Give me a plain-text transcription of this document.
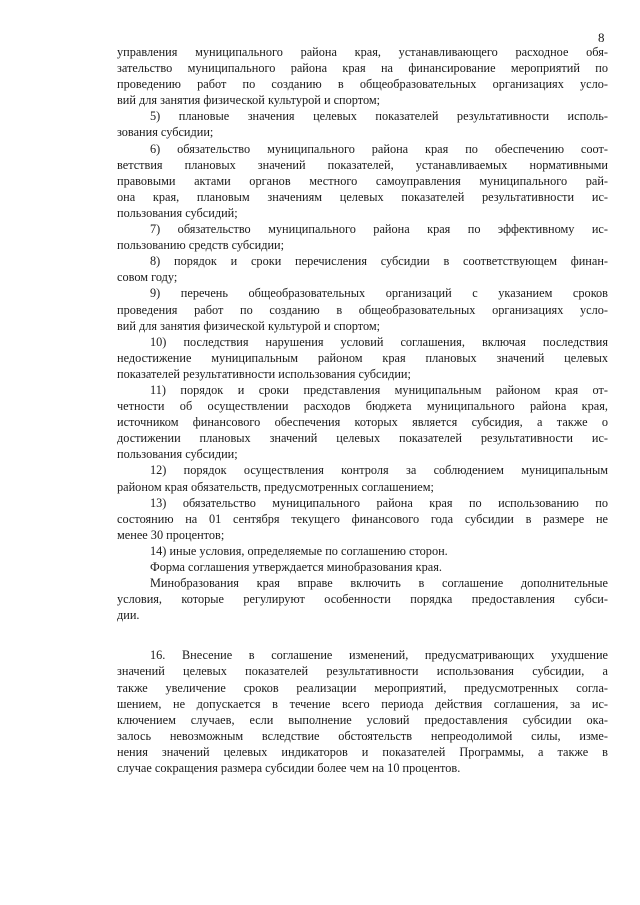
8
управления муниципального района края, устанавливающего расходное обя-
зательство муниципального района края на финансирование мероприятий по
проведению работ по созданию в общеобразовательных организациях усло-
вий для занятия физической культурой и спортом;
5) плановые значения целевых показателей результативности исполь-
зования субсидии;
6) обязательство муниципального района края по обеспечению соот-
ветствия плановых значений показателей, устанавливаемых нормативными
правовыми актами органов местного самоуправления муниципального рай-
она края, плановым значениям целевых показателей результативности ис-
пользования субсидий;
7) обязательство муниципального района края по эффективному ис-
пользованию средств субсидии;
8) порядок и сроки перечисления субсидии в соответствующем финан-
совом году;
9) перечень общеобразовательных организаций с указанием сроков
проведения работ по созданию в общеобразовательных организациях усло-
вий для занятия физической культурой и спортом;
10) последствия нарушения условий соглашения, включая последствия
недостижение муниципальным районом края плановых значений целевых
показателей результативности использования субсидии;
11) порядок и сроки представления муниципальным районом края от-
четности об осуществлении расходов бюджета муниципального района края,
источником финансового обеспечения которых является субсидия, а также о
достижении плановых значений целевых показателей результативности ис-
пользования субсидии;
12) порядок осуществления контроля за соблюдением муниципальным
районом края обязательств, предусмотренных соглашением;
13) обязательство муниципального района края по использованию по
состоянию на 01 сентября текущего финансового года субсидии в размере не
менее 30 процентов;
14) иные условия, определяемые по соглашению сторон.
Форма соглашения утверждается минобразования края.
Минобразования края вправе включить в соглашение дополнительные
условия, которые регулируют особенности порядка предоставления субси-
дии.
16. Внесение в соглашение изменений, предусматривающих ухудшение
значений целевых показателей результативности использования субсидии, а
также увеличение сроков реализации мероприятий, предусмотренных согла-
шением, не допускается в течение всего периода действия соглашения, за ис-
ключением случаев, если выполнение условий предоставления субсидии ока-
залось невозможным вследствие обстоятельств непреодолимой силы, изме-
нения значений целевых индикаторов и показателей Программы, а также в
случае сокращения размера субсидии более чем на 10 процентов.
